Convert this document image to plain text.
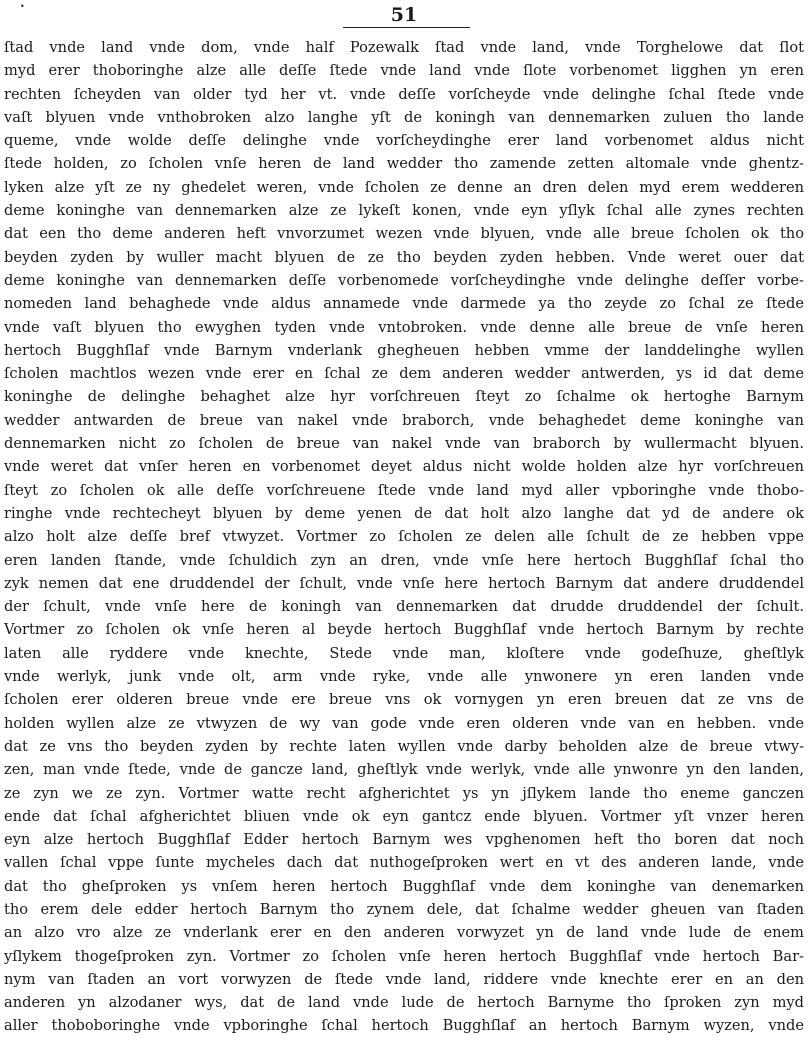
•	51
ſtad vnde land vnde dom, vnde half Pozewalk ſtad vnde land, vnde Torghelowe dat ſlot
myd erer thoboringhe alze alle deſſe ſtede vnde land vnde ſlote vorbenomet ligghen yn eren
rechten ſcheyden van older tyd her vt. vnde deſſe vorſcheyde vnde delinghe ſchal ſtede vnde
vaſt blyuen vnde vnthobroken alzo langhe yſt de koningh van dennemarken zuluen tho lande
queme, vnde wolde deſſe delinghe vnde vorſcheydinghe erer land vorbenomet aldus nicht
ſtede holden, zo ſcholen vnſe heren de land wedder tho zamende zetten altomale vnde ghentz-
lyken alze yſt ze ny ghedelet weren, vnde ſcholen ze denne an dren delen myd erem wedderen
deme koninghe van dennemarken alze ze lykeſt konen, vnde eyn yſlyk ſchal alle zynes rechten
dat een tho deme anderen heft vnvorzumet wezen vnde blyuen, vnde alle breue ſcholen ok tho
beyden zyden by wuller macht blyuen de ze tho beyden zyden hebben. Vnde weret ouer dat
deme koninghe van dennemarken deſſe vorbenomede vorſcheydinghe vnde delinghe deſſer vorbe-
nomeden land behaghede vnde aldus annamede vnde darmede ya tho zeyde zo ſchal ze ſtede
vnde vaſt blyuen tho ewyghen tyden vnde vntobroken. vnde denne alle breue de vnſe heren
hertoch Bugghſlaf vnde Barnym vnderlank ghegheuen hebben vmme der landdelinghe wyllen
ſcholen machtlos wezen vnde erer en ſchal ze dem anderen wedder antwerden, ys id dat deme
koninghe de delinghe behaghet alze hyr vorſchreuen ſteyt zo ſchalme ok hertoghe Barnym
wedder antwarden de breue van nakel vnde braborch, vnde behaghedet deme koninghe van
dennemarken nicht zo ſcholen de breue van nakel vnde van braborch by wullermacht blyuen.
vnde weret dat vnſer heren en vorbenomet deyet aldus nicht wolde holden alze hyr vorſchreuen
ſteyt zo ſcholen ok alle deſſe vorſchreuene ſtede vnde land myd aller vpboringhe vnde thobo-
ringhe vnde rechtecheyt blyuen by deme yenen de dat holt alzo langhe dat yd de andere ok
alzo holt alze deſſe bref vtwyzet. Vortmer zo ſcholen ze delen alle ſchult de ze hebben vppe
eren landen ſtande, vnde ſchuldich zyn an dren, vnde vnſe here hertoch Bugghſlaf ſchal tho
zyk nemen dat ene druddendel der ſchult, vnde vnſe here hertoch Barnym dat andere druddendel
der ſchult, vnde vnſe here de koningh van dennemarken dat drudde druddendel der ſchult.
Vortmer zo ſcholen ok vnſe heren al beyde hertoch Bugghſlaf vnde hertoch Barnym by rechte
laten alle ryddere vnde knechte, Stede vnde man, kloſtere vnde godeſhuze, gheſtlyk
vnde werlyk, junk vnde olt, arm vnde ryke, vnde alle ynwonere yn eren landen vnde
ſcholen erer olderen breue vnde ere breue vns ok vornygen yn eren breuen dat ze vns de
holden wyllen alze ze vtwyzen de wy van gode vnde eren olderen vnde van en hebben. vnde
dat ze vns tho beyden zyden by rechte laten wyllen vnde darby beholden alze de breue vtwy-
zen, man vnde ſtede, vnde de gancze land, gheſtlyk vnde werlyk, vnde alle ynwonre yn den landen,
ze zyn we ze zyn. Vortmer watte recht afgherichtet ys yn jſlykem lande tho eneme ganczen
ende dat ſchal afgherichtet bliuen vnde ok eyn gantcz ende blyuen. Vortmer yſt vnzer heren
eyn alze hertoch Bugghſlaf Edder hertoch Barnym wes vpghenomen heft tho boren dat noch
vallen ſchal vppe ſunte mycheles dach dat nuthogeſproken wert en vt des anderen lande, vnde
dat tho gheſproken ys vnſem heren hertoch Bugghſlaf vnde dem koninghe van denemarken
tho erem dele edder hertoch Barnym tho zynem dele, dat ſchalme wedder gheuen van ſtaden
an alzo vro alze ze vnderlank erer en den anderen vorwyzet yn de land vnde lude de enem
yſlykem thogeſproken zyn. Vortmer zo ſcholen vnſe heren hertoch Bugghſlaf vnde hertoch Bar-
nym van ſtaden an vort vorwyzen de ſtede vnde land, riddere vnde knechte erer en an den
anderen yn alzodaner wys, dat de land vnde lude de hertoch Barnyme tho ſproken zyn myd
aller thoboboringhe vnde vpboringhe ſchal hertoch Bugghſlaf an hertoch Barnym wyzen, vnde
